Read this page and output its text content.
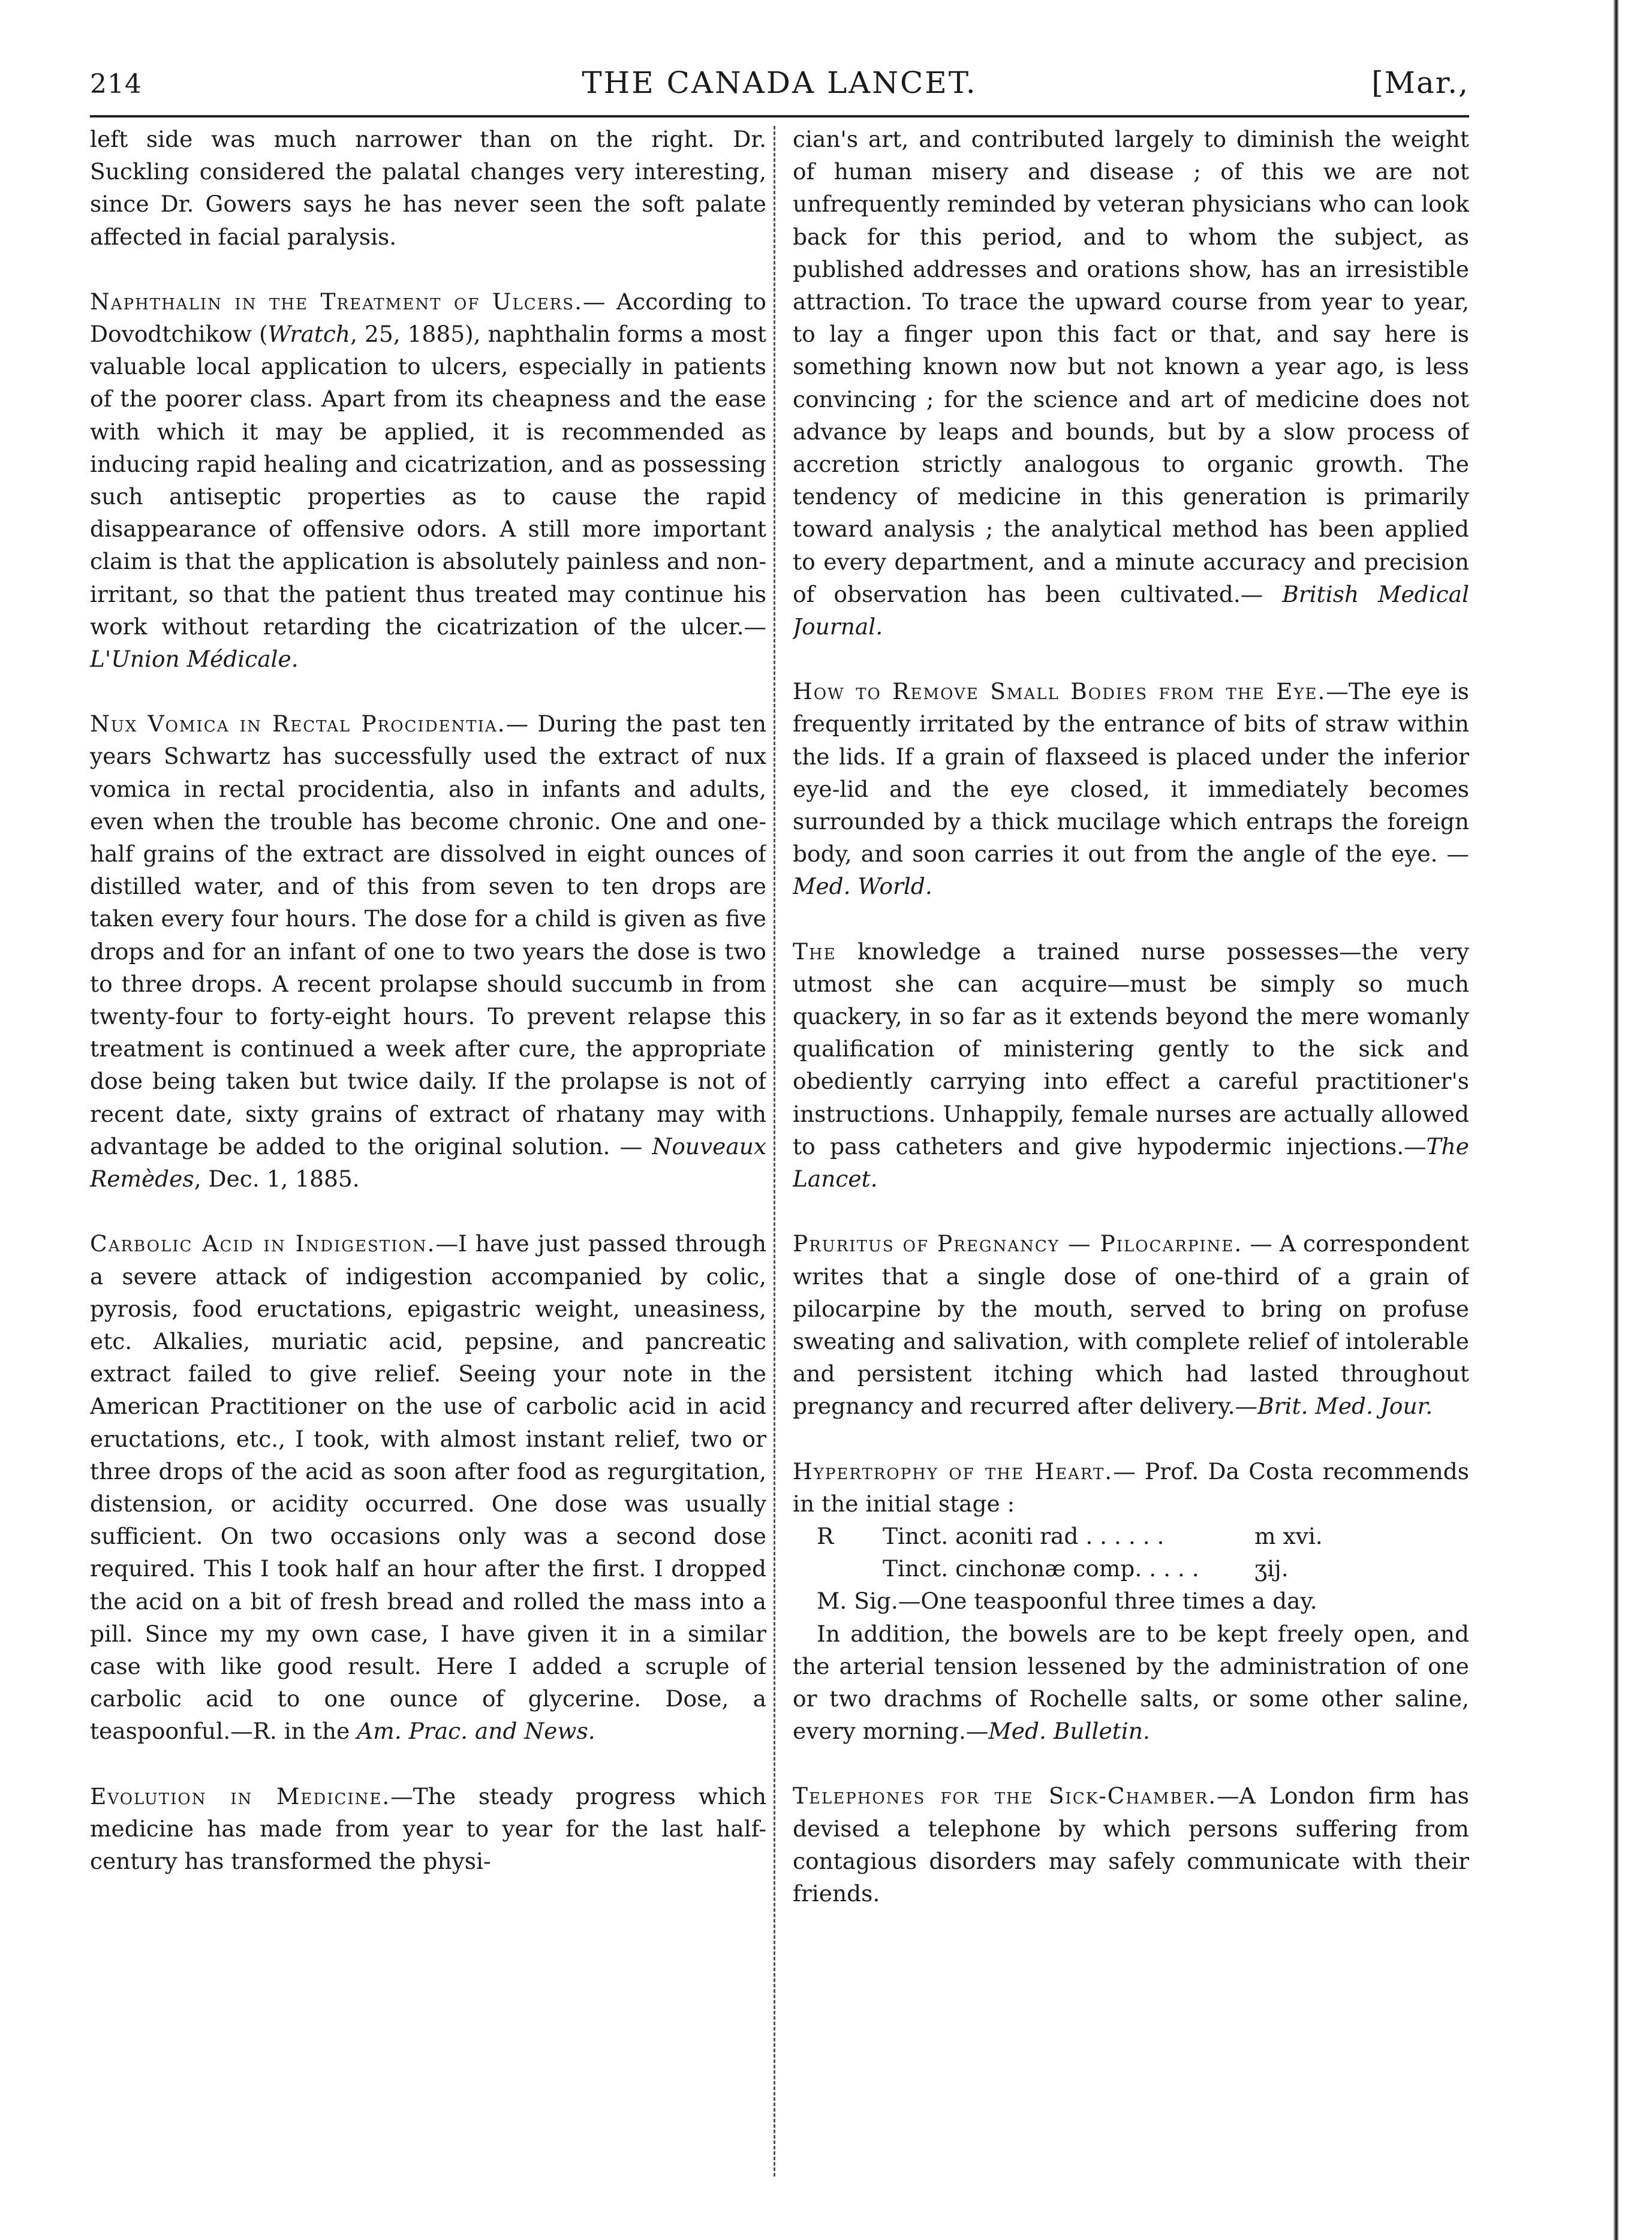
214	THE CANADA LANCET.	[Mar.,

left side was much narrower than on the right. Dr. Suckling considered the palatal changes very interesting, since Dr. Gowers says he has never seen the soft palate affected in facial paralysis.

Naphthalin in the Treatment of Ulcers.— According to Dovodtchikow (Wratch, 25, 1885), naphthalin forms a most valuable local application to ulcers, especially in patients of the poorer class. Apart from its cheapness and the ease with which it may be applied, it is recommended as inducing rapid healing and cicatrization, and as possessing such antiseptic properties as to cause the rapid disappearance of offensive odors. A still more important claim is that the application is absolutely painless and non-irritant, so that the patient thus treated may continue his work without retarding the cicatrization of the ulcer.—L'Union Médicale.

Nux Vomica in Rectal Procidentia.— During the past ten years Schwartz has successfully used the extract of nux vomica in rectal procidentia, also in infants and adults, even when the trouble has become chronic. One and one-half grains of the extract are dissolved in eight ounces of distilled water, and of this from seven to ten drops are taken every four hours. The dose for a child is given as five drops and for an infant of one to two years the dose is two to three drops. A recent prolapse should succumb in from twenty-four to forty-eight hours. To prevent relapse this treatment is continued a week after cure, the appropriate dose being taken but twice daily. If the prolapse is not of recent date, sixty grains of extract of rhatany may with advantage be added to the original solution. — Nouveaux Remèdes, Dec. 1, 1885.

Carbolic Acid in Indigestion.—I have just passed through a severe attack of indigestion accompanied by colic, pyrosis, food eructations, epigastric weight, uneasiness, etc. Alkalies, muriatic acid, pepsine, and pancreatic extract failed to give relief. Seeing your note in the American Practitioner on the use of carbolic acid in acid eructations, etc., I took, with almost instant relief, two or three drops of the acid as soon after food as regurgitation, distension, or acidity occurred. One dose was usually sufficient. On two occasions only was a second dose required. This I took half an hour after the first. I dropped the acid on a bit of fresh bread and rolled the mass into a pill. Since my my own case, I have given it in a similar case with like good result. Here I added a scruple of carbolic acid to one ounce of glycerine. Dose, a teaspoonful.—R. in the Am. Prac. and News.

Evolution in Medicine.—The steady progress which medicine has made from year to year for the last half-century has transformed the physi-

cian's art, and contributed largely to diminish the weight of human misery and disease ; of this we are not unfrequently reminded by veteran physicians who can look back for this period, and to whom the subject, as published addresses and orations show, has an irresistible attraction. To trace the upward course from year to year, to lay a finger upon this fact or that, and say here is something known now but not known a year ago, is less convincing ; for the science and art of medicine does not advance by leaps and bounds, but by a slow process of accretion strictly analogous to organic growth. The tendency of medicine in this generation is primarily toward analysis ; the analytical method has been applied to every department, and a minute accuracy and precision of observation has been cultivated.— British Medical Journal.

How to Remove Small Bodies from the Eye.—The eye is frequently irritated by the entrance of bits of straw within the lids. If a grain of flaxseed is placed under the inferior eye-lid and the eye closed, it immediately becomes surrounded by a thick mucilage which entraps the foreign body, and soon carries it out from the angle of the eye. —Med. World.

The knowledge a trained nurse possesses—the very utmost she can acquire—must be simply so much quackery, in so far as it extends beyond the mere womanly qualification of ministering gently to the sick and obediently carrying into effect a careful practitioner's instructions. Unhappily, female nurses are actually allowed to pass catheters and give hypodermic injections.—The Lancet.

Pruritus of Pregnancy — Pilocarpine. — A correspondent writes that a single dose of one-third of a grain of pilocarpine by the mouth, served to bring on profuse sweating and salivation, with complete relief of intolerable and persistent itching which had lasted throughout pregnancy and recurred after delivery.—Brit. Med. Jour.

Hypertrophy of the Heart.— Prof. Da Costa recommends in the initial stage :

R	Tinct. aconiti rad . . . . . .	m xvi.
Tinct. cinchonæ comp. . . . .	ʒij.
M. Sig.—One teaspoonful three times a day.

In addition, the bowels are to be kept freely open, and the arterial tension lessened by the administration of one or two drachms of Rochelle salts, or some other saline, every morning.—Med. Bulletin.

Telephones for the Sick-Chamber.—A London firm has devised a telephone by which persons suffering from contagious disorders may safely communicate with their friends.
